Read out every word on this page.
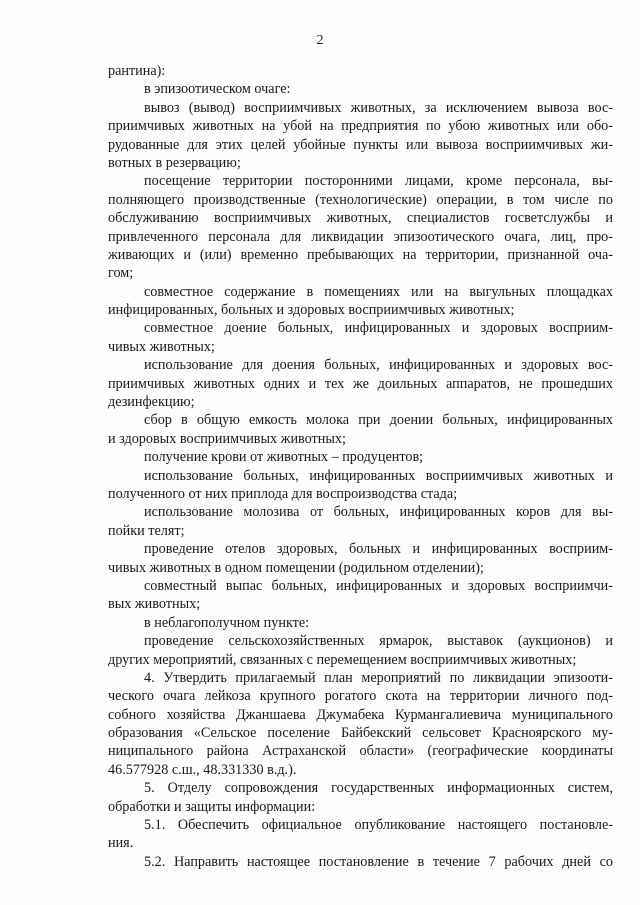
2
рантина):
в эпизоотическом очаге:
вывоз (вывод) восприимчивых животных, за исключением вывоза вос-
приимчивых животных на убой на предприятия по убою животных или обо-
рудованные для этих целей убойные пункты или вывоза восприимчивых жи-
вотных в резервацию;
посещение территории посторонними лицами, кроме персонала, вы-
полняющего производственные (технологические) операции, в том числе по
обслуживанию восприимчивых животных, специалистов госветслужбы и
привлеченного персонала для ликвидации эпизоотического очага, лиц, про-
живающих и (или) временно пребывающих на территории, признанной оча-
гом;
совместное содержание в помещениях или на выгульных площадках
инфицированных, больных и здоровых восприимчивых животных;
совместное доение больных, инфицированных и здоровых восприим-
чивых животных;
использование для доения больных, инфицированных и здоровых вос-
приимчивых животных одних и тех же доильных аппаратов, не прошедших
дезинфекцию;
сбор в общую емкость молока при доении больных, инфицированных
и здоровых восприимчивых животных;
получение крови от животных – продуцентов;
использование больных, инфицированных восприимчивых животных и
полученного от них приплода для воспроизводства стада;
использование молозива от больных, инфицированных коров для вы-
пойки телят;
проведение отелов здоровых, больных и инфицированных восприим-
чивых животных в одном помещении (родильном отделении);
совместный выпас больных, инфицированных и здоровых восприимчи-
вых животных;
в неблагополучном пункте:
проведение сельскохозяйственных ярмарок, выставок (аукционов) и
других мероприятий, связанных с перемещением восприимчивых животных;
4. Утвердить прилагаемый план мероприятий по ликвидации эпизооти-
ческого очага лейкоза крупного рогатого скота на территории личного под-
собного хозяйства Джаншаева Джумабека Курмангалиевича муниципального
образования «Сельское поселение Байбекский сельсовет Красноярского му-
ниципального района Астраханской области» (географические координаты
46.577928 с.ш., 48.331330 в.д.).
5. Отделу сопровождения государственных информационных систем,
обработки и защиты информации:
5.1. Обеспечить официальное опубликование настоящего постановле-
ния.
5.2. Направить настоящее постановление в течение 7 рабочих дней со
